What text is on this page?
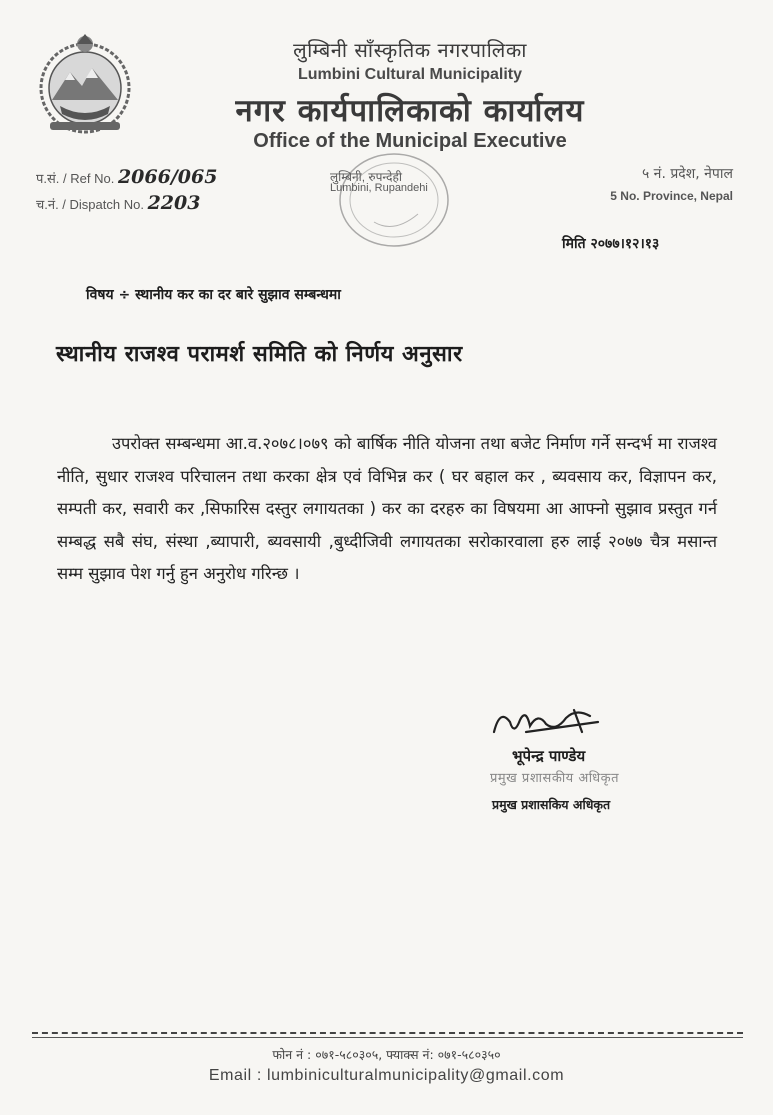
लुम्बिनी साँस्कृतिक नगरपालिका
Lumbini Cultural Municipality
नगर कार्यपालिकाको कार्यालय
Office of the Municipal Executive
प.सं. / Ref No. 2066/065
च.नं. / Dispatch No. 2203
लुम्बिनी, रुपन्देही
Lumbini, Rupandehi
५ नं. प्रदेश, नेपाल
5 No. Province, Nepal
मिति २०७७।१२।१३
विषय ÷ स्थानीय कर का दर बारे सुझाव सम्बन्धमा
स्थानीय राजश्व परामर्श समिति को निर्णय अनुसार
उपरोक्त सम्बन्धमा आ.व.२०७८।०७९ को बार्षिक नीति योजना तथा बजेट निर्माण गर्ने सन्दर्भ मा राजश्व नीति, सुधार राजश्व परिचालन तथा करका क्षेत्र एवं विभिन्न कर ( घर बहाल कर , ब्यवसाय कर, विज्ञापन कर, सम्पती कर, सवारी कर ,सिफारिस दस्तुर लगायतका ) कर का दरहरु का विषयमा आ आफ्नो सुझाव प्रस्तुत गर्न सम्बद्ध सबै संघ, संस्था ,ब्यापारी, ब्यवसायी ,बुध्दीजिवी लगायतका सरोकारवाला हरु लाई २०७७ चैत्र मसान्त सम्म सुझाव पेश गर्नु हुन अनुरोध गरिन्छ ।
भूपेन्द्र पाण्डेय
प्रमुख प्रशासकीय अधिकृत
प्रमुख प्रशासकिय अधिकृत
फोन नं : ०७१-५८०३०५, फ्याक्स नं: ०७१-५८०३५०
Email : lumbiniculturalmunicipality@gmail.com
